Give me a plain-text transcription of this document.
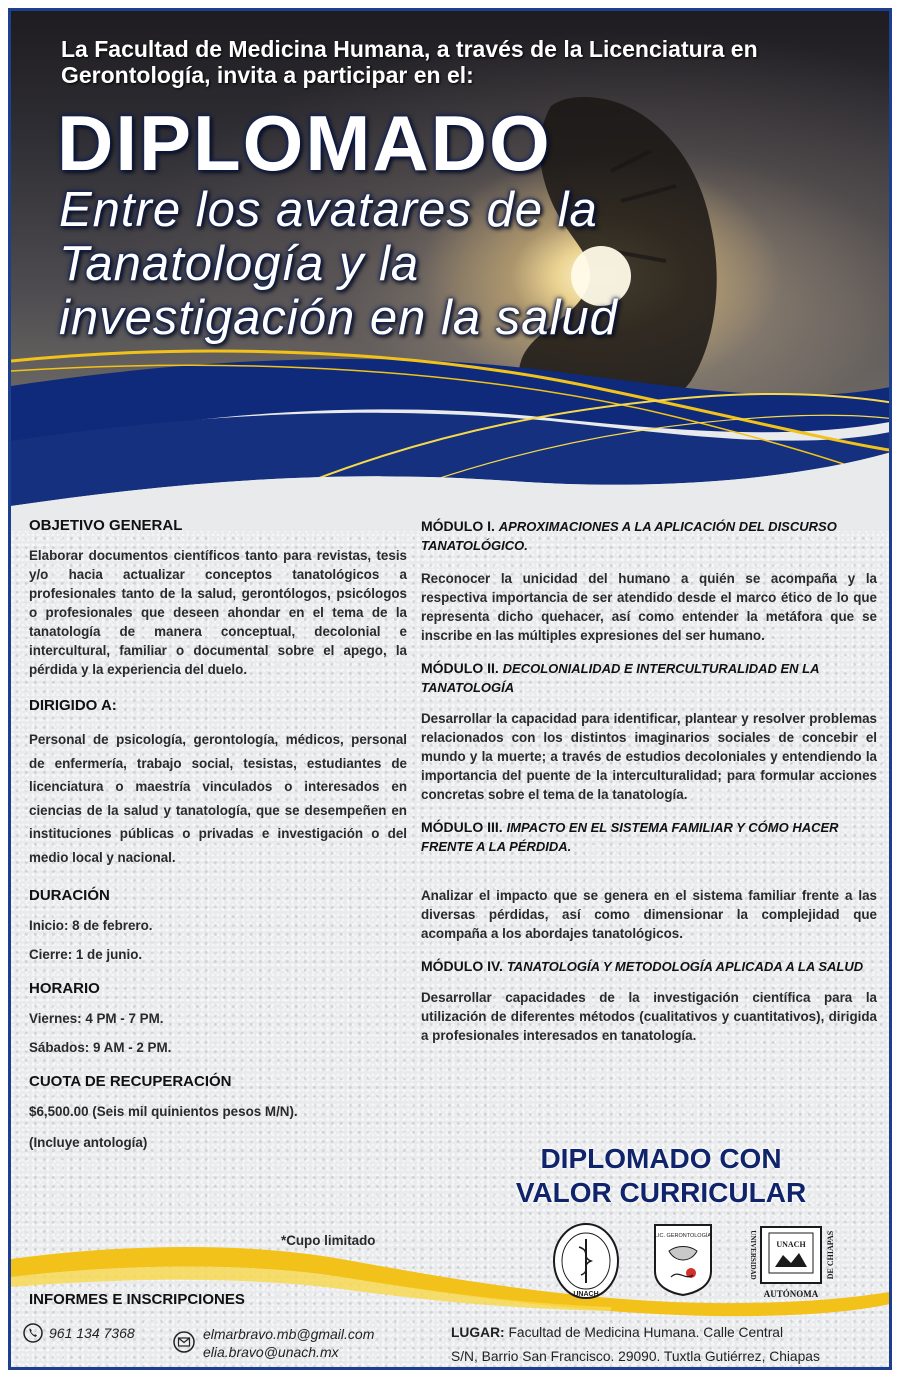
La Facultad de Medicina Humana, a través de la Licenciatura en Gerontología, invita a participar en el:
DIPLOMADO
Entre los avatares de la
Tanatología y la
investigación en la salud
OBJETIVO GENERAL
Elaborar documentos científicos tanto para revistas, tesis y/o hacia actualizar conceptos tanatológicos a profesionales tanto de la salud, gerontólogos, psicólogos o profesionales que deseen ahondar en el tema de la tanatología de manera conceptual, decolonial e intercultural, familiar o documental sobre el apego, la pérdida y la experiencia del duelo.
DIRIGIDO A:
Personal de psicología, gerontología, médicos, personal de enfermería, trabajo social, tesistas, estudiantes de licenciatura o maestría vinculados o interesados en ciencias de la salud y tanatología, que se desempeñen en instituciones públicas o privadas e investigación o del medio local y nacional.
DURACIÓN
Inicio: 8 de febrero.
Cierre: 1 de junio.
HORARIO
Viernes: 4 PM - 7 PM.
Sábados: 9 AM - 2 PM.
CUOTA DE RECUPERACIÓN
$6,500.00 (Seis mil quinientos pesos M/N).
(Incluye antología)
*Cupo limitado
MÓDULO I. APROXIMACIONES A LA APLICACIÓN DEL DISCURSO TANATOLÓGICO.
Reconocer la unicidad del humano a quién se acompaña y la respectiva importancia de ser atendido desde el marco ético de lo que representa dicho quehacer, así como entender la metáfora que se inscribe en las múltiples expresiones del ser humano.
MÓDULO II. DECOLONIALIDAD E INTERCULTURALIDAD EN LA TANATOLOGÍA
Desarrollar la capacidad para identificar, plantear y resolver problemas relacionados con los distintos imaginarios sociales de concebir el mundo y la muerte; a través de estudios decoloniales y entendiendo la importancia del puente de la interculturalidad; para formular acciones concretas sobre el tema de la tanatología.
MÓDULO III. IMPACTO EN EL SISTEMA FAMILIAR Y CÓMO HACER FRENTE A LA PÉRDIDA.
Analizar el impacto que se genera en el sistema familiar frente a las diversas pérdidas, así como dimensionar la complejidad que acompaña a los abordajes tanatológicos.
MÓDULO IV. TANATOLOGÍA Y METODOLOGÍA APLICADA A LA SALUD
Desarrollar capacidades de la investigación científica para la utilización de diferentes métodos (cualitativos y cuantitativos), dirigida a profesionales interesados en tanatología.
DIPLOMADO CON
VALOR CURRICULAR
UNACH
LIC. GERONTOLOGÍA
UNACH
UNIVERSIDAD	DE CHIAPAS
AUTÓNOMA
INFORMES E INSCRIPCIONES
961 134 7368	elmarbravo.mb@gmail.com
elia.bravo@unach.mx
LUGAR: Facultad de Medicina Humana. Calle Central
S/N, Barrio San Francisco. 29090. Tuxtla Gutiérrez, Chiapas
